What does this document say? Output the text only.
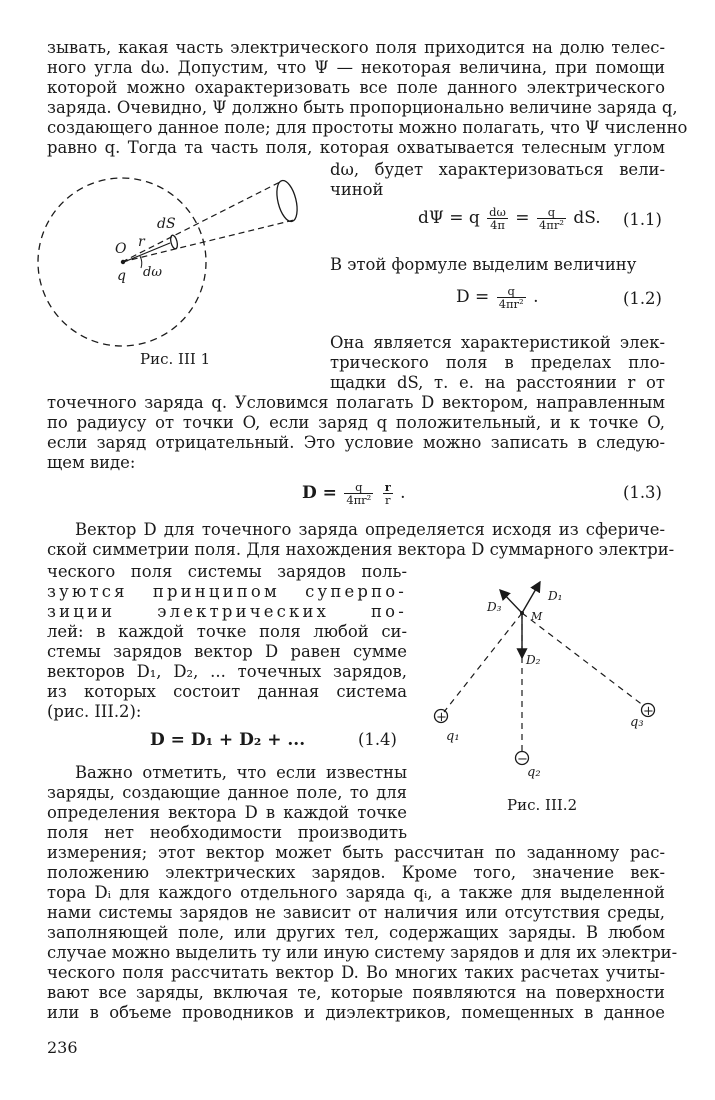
зывать, какая часть электрического поля приходится на долю телес-
ного угла dω. Допустим, что Ψ — некоторая величина, при помощи
которой можно охарактеризовать все поле данного электрического
заряда. Очевидно, Ψ должно быть пропорционально величине заряда q,
создающего данное поле; для простоты можно полагать, что Ψ численно
равно q. Тогда та часть поля, которая охватывается телесным углом
dω, будет характеризоваться вели-
чиной
dΨ = q $\frac{d\omega}{4\pi} = \frac{q}{\text{4πr²}}$ dS. (1.1)
В этой формуле выделим величину
$D = \frac{q}{\text{4πr²}}$ .	(1.2)
Она является характеристикой элек-
трического поля в пределах пло-
щадки dS, т. е. на расстоянии r от
O r
dS
q dω
Рис. III 1
точечного заряда q. Условимся полагать D вектором, направленным
по радиусу от точки O, если заряд q положительный, и к точке O,
если заряд отрицательный. Это условие можно записать в следую-
щем виде:
$D = \frac{q}{\text{4πr²}}$
$\frac{r}{r}$ .	(1.3)
Вектор D для точечного заряда определяется исходя из сфериче-
ской симметрии поля. Для нахождения вектора D суммарного электри-
ческого поля системы зарядов поль-
зуются принципом суперпо-
зиции электрических по-
лей: в каждой точке поля любой си-
стемы зарядов вектор D равен сумме
векторов D₁, D₂, ... точечных зарядов,
из которых состоит данная система
(рис. III.2):
D = D₁ + D₂ + ...	(1.4)
Важно отметить, что если известны
заряды, создающие данное поле, то для
определения вектора D в каждой точке
поля нет необходимости производить
+
−
+
M
D₁
D₂
D₃
q₁
q₂
q₃
Рис. III.2
измерения; этот вектор может быть рассчитан по заданному рас-
положению электрических зарядов. Кроме того, значение век-
тора Dᵢ для каждого отдельного заряда qᵢ, а также для выделенной
нами системы зарядов не зависит от наличия или отсутствия среды,
заполняющей поле, или других тел, содержащих заряды. В любом
случае можно выделить ту или иную систему зарядов и для их электри-
ческого поля рассчитать вектор D. Во многих таких расчетах учиты-
вают все заряды, включая те, которые появляются на поверхности
или в объеме проводников и диэлектриков, помещенных в данное
236
